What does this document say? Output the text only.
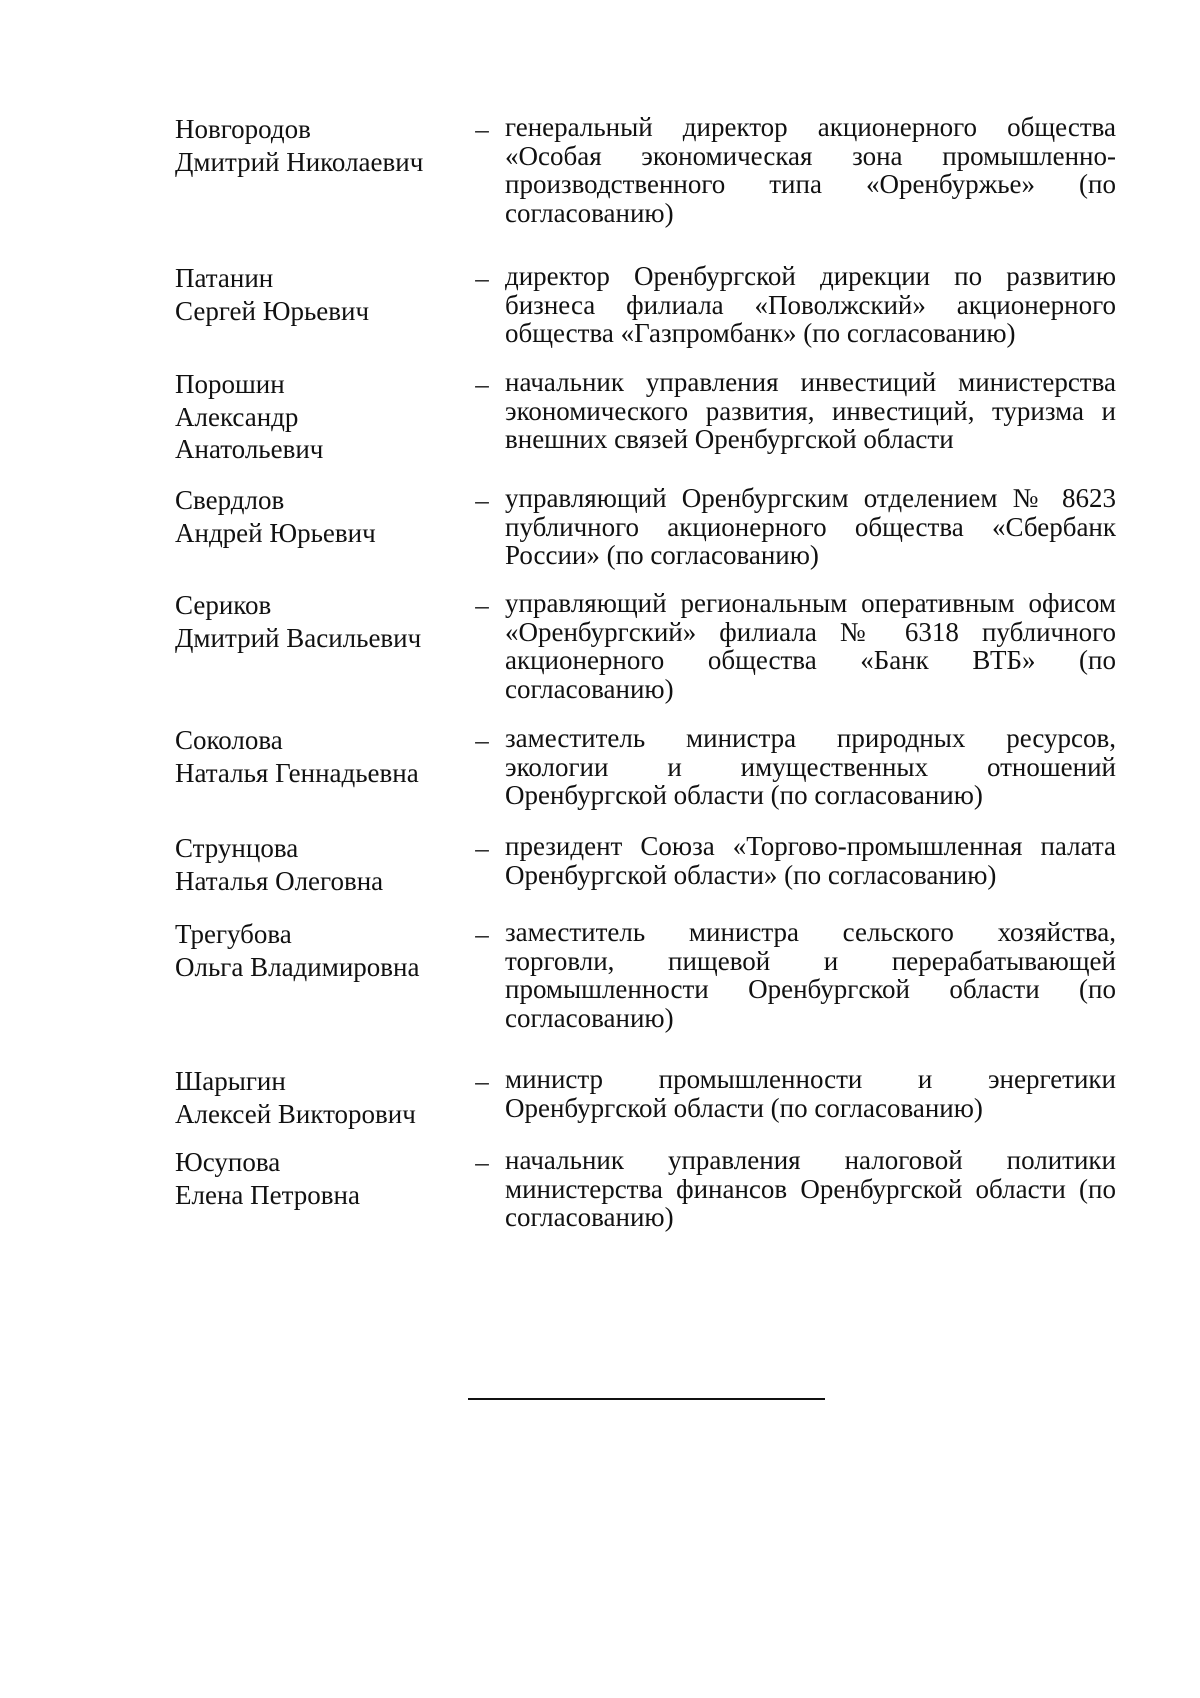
Новгородов
Дмитрий Николаевич
– генеральный директор акционерного общества «Особая экономическая зона промышленно-производственного типа «Оренбуржье» (по согласованию)
Патанин
Сергей Юрьевич
– директор Оренбургской дирекции по развитию бизнеса филиала «Поволжский» акционерного общества «Газпромбанк» (по согласованию)
Порошин
Александр
Анатольевич
– начальник управления инвестиций министерства экономического развития, инвестиций, туризма и внешних связей Оренбургской области
Свердлов
Андрей Юрьевич
– управляющий Оренбургским отделением № 8623 публичного акционерного общества «Сбербанк России» (по согласованию)
Сериков
Дмитрий Васильевич
– управляющий региональным оперативным офисом «Оренбургский» филиала № 6318 публичного акционерного общества «Банк ВТБ» (по согласованию)
Соколова
Наталья Геннадьевна
– заместитель министра природных ресурсов, экологии и имущественных отношений Оренбургской области (по согласованию)
Струнцова
Наталья Олеговна
– президент Союза «Торгово-промышленная палата Оренбургской области» (по согласованию)
Трегубова
Ольга Владимировна
– заместитель министра сельского хозяйства, торговли, пищевой и перерабатывающей промышленности Оренбургской области (по согласованию)
Шарыгин
Алексей Викторович
– министр промышленности и энергетики Оренбургской области (по согласованию)
Юсупова
Елена Петровна
– начальник управления налоговой политики министерства финансов Оренбургской области (по согласованию)
